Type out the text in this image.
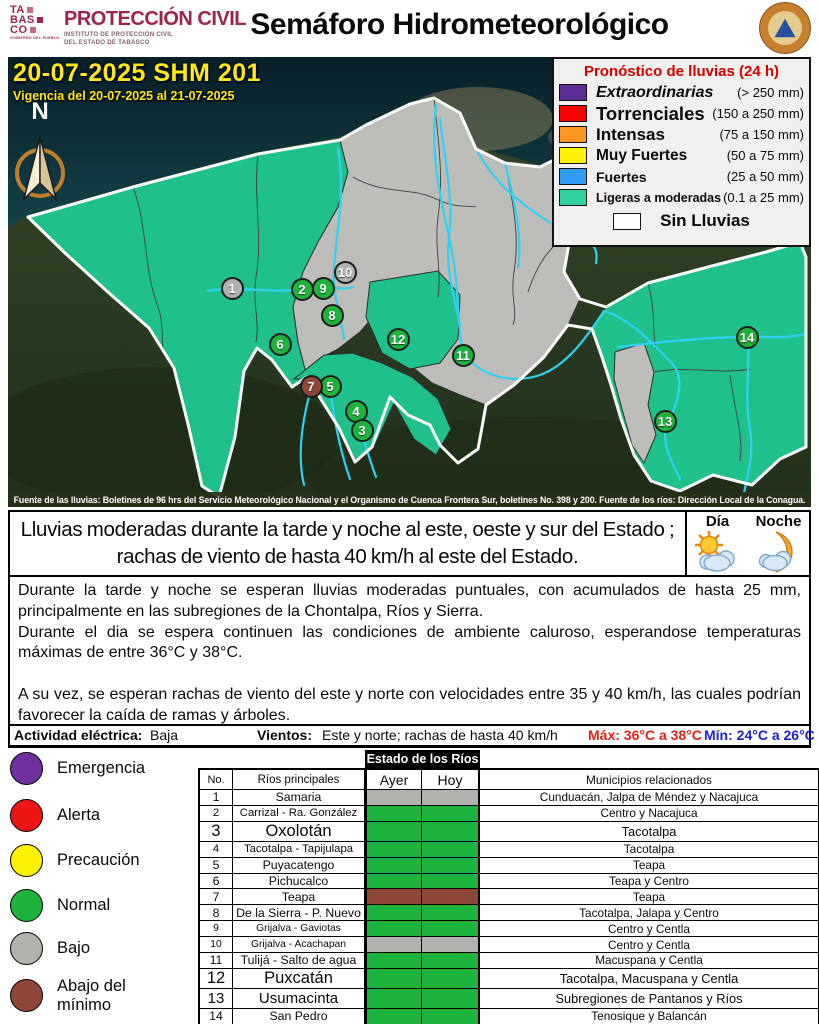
TA
BAS
CO
GOBIERNO DEL PUEBLO
PROTECCIÓN CIVIL
INSTITUTO DE PROTECCIÓN CIVIL
DEL ESTADO DE TABASCO
Semáforo Hidrometeorológico
20-07-2025 SHM 201
Vigencia del 20-07-2025 al 21-07-2025
N
Pronóstico de lluvias (24 h)
Extraordinarias (> 250 mm)
Torrenciales (150 a 250 mm)
Intensas	(75 a 150 mm)
Muy Fuertes	(50 a 75 mm)
Fuertes	(25 a 50 mm)
Ligeras a moderadas (0.1 a 25 mm)
Sin Lluvias
1	2	9
10
8
6	12
11
5
7
4
3
13
14
Fuente de las lluvias: Boletines de 96 hrs del Servicio Meteorológico Nacional y el Organismo de Cuenca Frontera Sur, boletines No. 398 y 200. Fuente de los ríos: Dirección Local de la Conagua.
Lluvias moderadas durante la tarde y noche al este, oeste y sur del Estado ; rachas de viento de hasta 40 km/h al este del Estado.
Día Noche
Durante la tarde y noche se esperan lluvias moderadas puntuales, con acumulados de hasta 25 mm, principalmente en las subregiones de la Chontalpa, Ríos y Sierra.
Durante el dia se espera continuen las condiciones de ambiente caluroso, esperandose temperaturas máximas de entre 36°C y 38°C.

A su vez, se esperan rachas de viento del este y norte con velocidades entre 35 y 40 km/h, las cuales podrían favorecer la caída de ramas y árboles.
Actividad eléctrica: Baja	Vientos: Este y norte; rachas de hasta 40 km/h Máx: 36°C a 38°C Mín: 24°C a 26°C
Emergencia
Alerta
Precaución
Normal
Bajo
Abajo del mínimo
Estado de los Ríos
No.	Ríos principales	Ayer	Hoy	Municipios relacionados
1	Samaria	Cunduacán, Jalpa de Méndez y Nacajuca
2	Carrizal - Ra. González	Centro y Nacajuca
3	Oxolotán	Tacotalpa
4	Tacotalpa - Tapijulapa	Tacotalpa
5	Puyacatengo	Teapa
6	Pichucalco	Teapa y Centro
7	Teapa	Teapa
8	De la Sierra - P. Nuevo	Tacotalpa, Jalapa y Centro
9	Grijalva - Gaviotas	Centro y Centla
10	Grijalva - Acachapan	Centro y Centla
11	Tulijá - Salto de agua	Macuspana y Centla
12	Puxcatán	Tacotalpa, Macuspana y Centla
13	Usumacinta	Subregiones de Pantanos y Ríos
14	San Pedro	Tenosique y Balancán
